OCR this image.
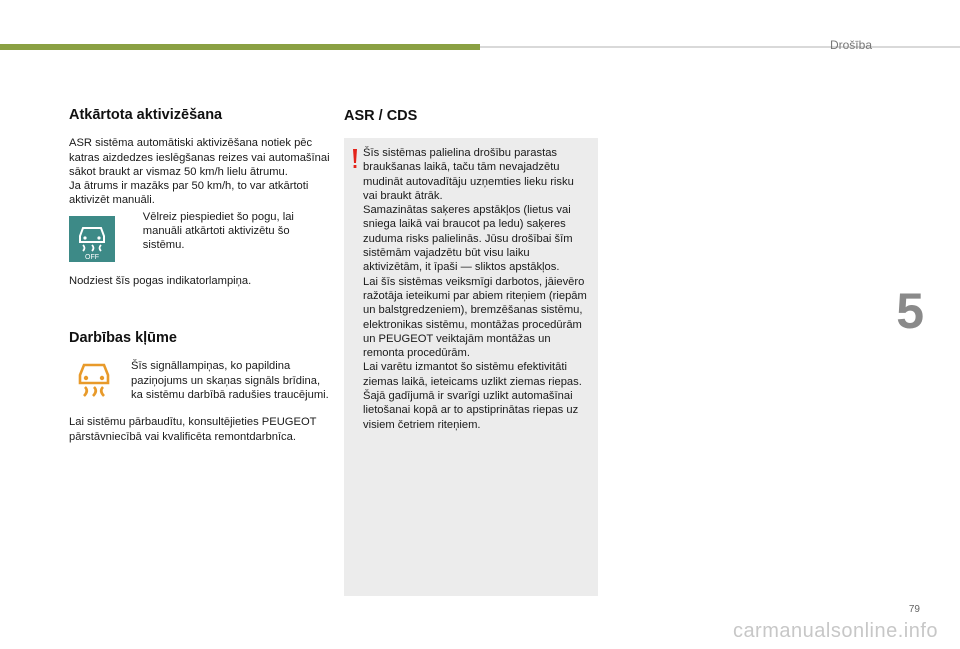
Drošība
5
Atkārtota aktivizēšana

ASR sistēma automātiski aktivizēšana notiek pēc katras aizdedzes ieslēgšanas reizes vai automašīnai sākot braukt ar vismaz 50 km/h lielu ātrumu.

Ja ātrums ir mazāks par 50 km/h, to var atkārtoti aktivizēt manuāli.

OFF
Vēlreiz piespiediet šo pogu, lai manuāli atkārtoti aktivizētu šo sistēmu.

Nodziest šīs pogas indikatorlampiņa.

Darbības kļūme

Šīs signāllampiņas, ko papildina paziņojums un skaņas signāls brīdina, ka sistēmu darbībā radušies traucējumi.

Lai sistēmu pārbaudītu, konsultējieties PEUGEOT pārstāvniecībā vai kvalificēta remontdarbnīca.

ASR / CDS

Šīs sistēmas palielina drošību parastas braukšanas laikā, taču tām nevajadzētu mudināt autovadītāju uzņemties lieku risku vai braukt ātrāk.

Samazinātas saķeres apstākļos (lietus vai sniega laikā vai braucot pa ledu) saķeres zuduma risks palielinās. Jūsu drošībai šīm sistēmām vajadzētu būt visu laiku aktivizētām, it īpaši — sliktos apstākļos.

Lai šīs sistēmas veiksmīgi darbotos, jāievēro ražotāja ieteikumi par abiem riteņiem (riepām un balstgredzeniem), bremzēšanas sistēmu, elektronikas sistēmu, montāžas procedūrām un PEUGEOT veiktajām montāžas un remonta procedūrām.

Lai varētu izmantot šo sistēmu efektivitāti ziemas laikā, ieteicams uzlikt ziemas riepas.

Šajā gadījumā ir svarīgi uzlikt automašīnai lietošanai kopā ar to apstiprinātas riepas uz visiem četriem riteņiem.

79
carmanualsonline.info
